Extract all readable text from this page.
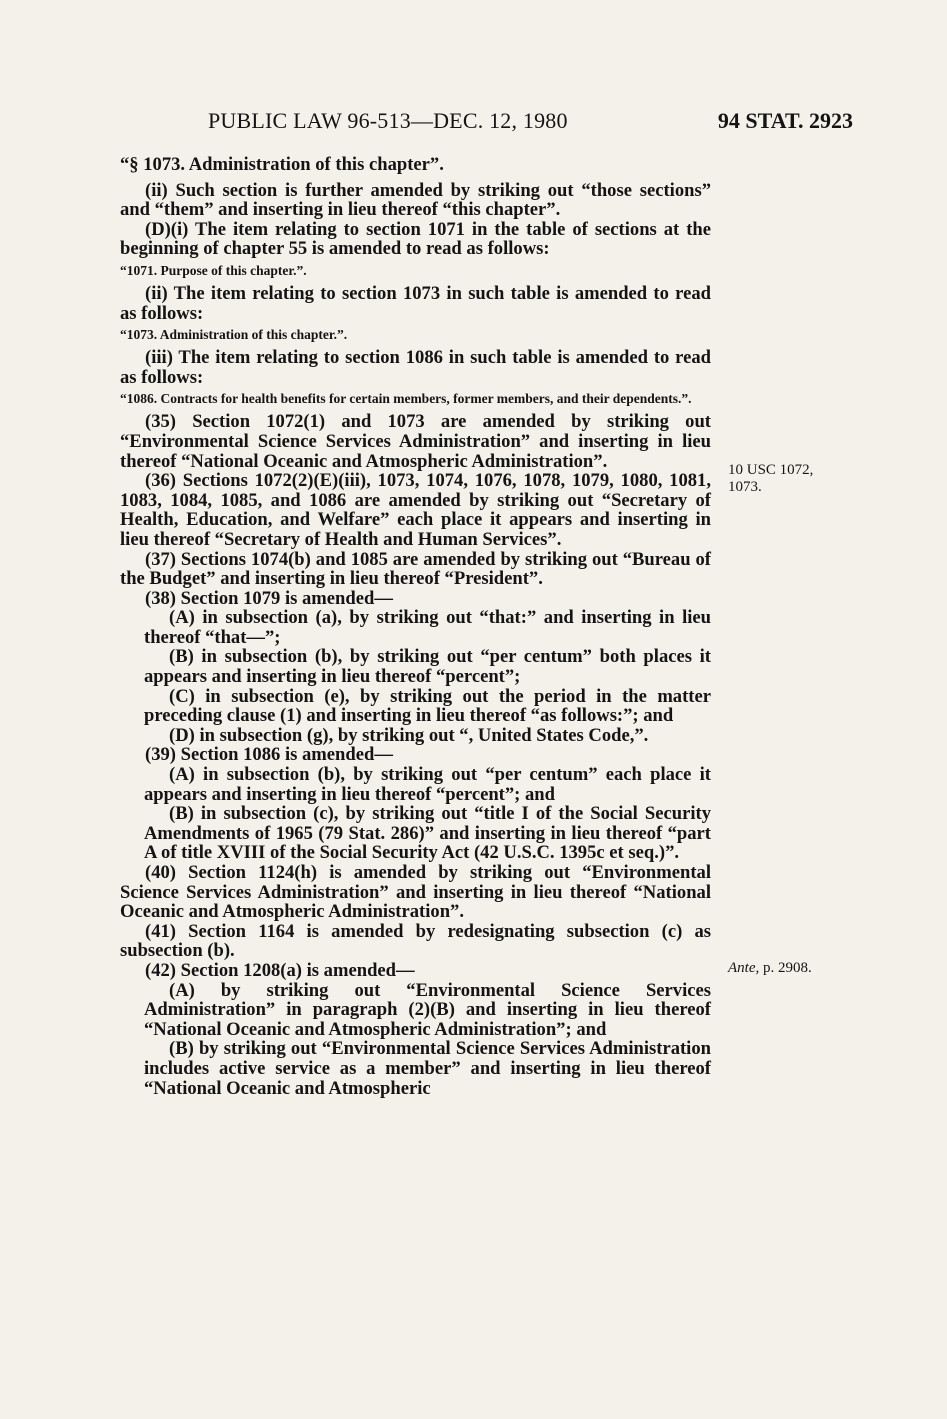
PUBLIC LAW 96-513—DEC. 12, 1980	94 STAT. 2923

“§ 1073. Administration of this chapter”.

(ii) Such section is further amended by striking out “those sections” and “them” and inserting in lieu thereof “this chapter”.

(D)(i) The item relating to section 1071 in the table of sections at the beginning of chapter 55 is amended to read as follows:

“1071. Purpose of this chapter.”.

(ii) The item relating to section 1073 in such table is amended to read as follows:

“1073. Administration of this chapter.”.

(iii) The item relating to section 1086 in such table is amended to read as follows:

“1086. Contracts for health benefits for certain members, former members, and their dependents.”.

(35) Section 1072(1) and 1073 are amended by striking out “Environmental Science Services Administration” and inserting in lieu thereof “National Oceanic and Atmospheric Administration”.

(36) Sections 1072(2)(E)(iii), 1073, 1074, 1076, 1078, 1079, 1080, 1081, 1083, 1084, 1085, and 1086 are amended by striking out “Secretary of Health, Education, and Welfare” each place it appears and inserting in lieu thereof “Secretary of Health and Human Services”.

(37) Sections 1074(b) and 1085 are amended by striking out “Bureau of the Budget” and inserting in lieu thereof “President”.

(38) Section 1079 is amended—

(A) in subsection (a), by striking out “that:” and inserting in lieu thereof “that—”;

(B) in subsection (b), by striking out “per centum” both places it appears and inserting in lieu thereof “percent”;

(C) in subsection (e), by striking out the period in the matter preceding clause (1) and inserting in lieu thereof “as follows:”; and

(D) in subsection (g), by striking out “, United States Code,”.

(39) Section 1086 is amended—

(A) in subsection (b), by striking out “per centum” each place it appears and inserting in lieu thereof “percent”; and

(B) in subsection (c), by striking out “title I of the Social Security Amendments of 1965 (79 Stat. 286)” and inserting in lieu thereof “part A of title XVIII of the Social Security Act (42 U.S.C. 1395c et seq.)”.

(40) Section 1124(h) is amended by striking out “Environmental Science Services Administration” and inserting in lieu thereof “National Oceanic and Atmospheric Administration”.

(41) Section 1164 is amended by redesignating subsection (c) as subsection (b).

(42) Section 1208(a) is amended—

(A) by striking out “Environmental Science Services Administration” in paragraph (2)(B) and inserting in lieu thereof “National Oceanic and Atmospheric Administration”; and

(B) by striking out “Environmental Science Services Administration includes active service as a member” and inserting in lieu thereof “National Oceanic and Atmospheric

10 USC 1072,
1073.
Ante, p. 2908.
